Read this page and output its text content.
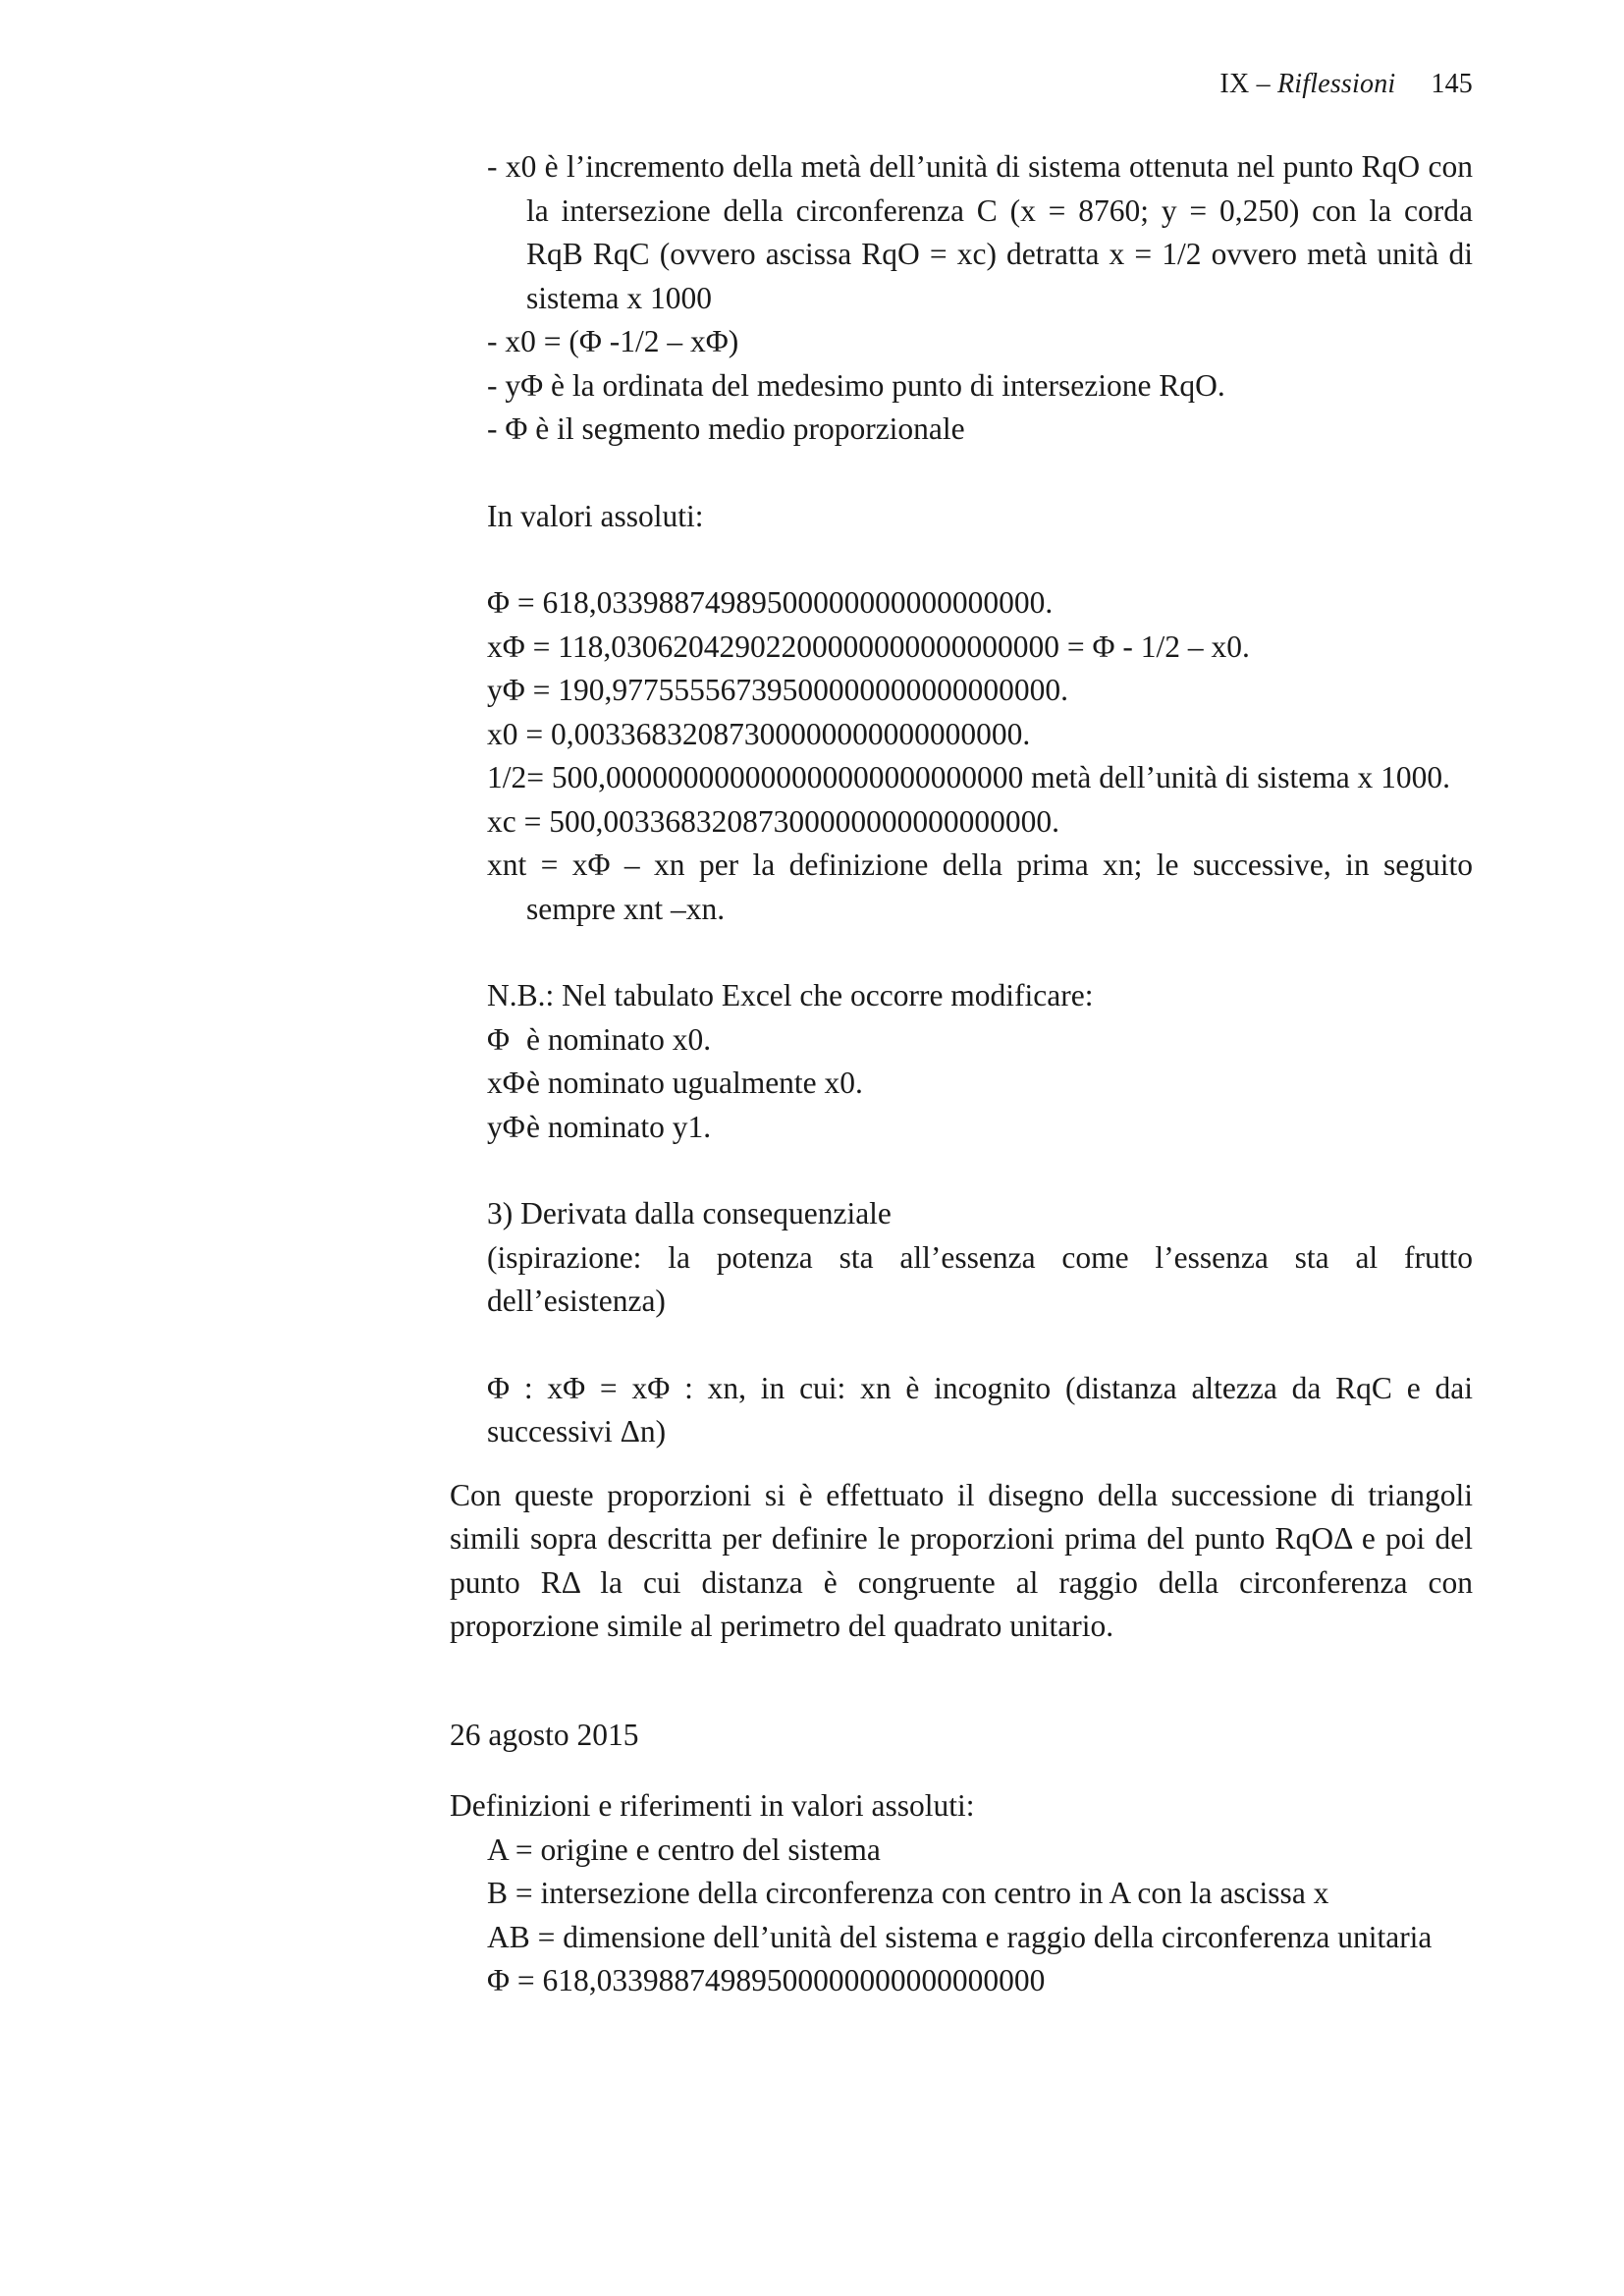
IX – Riflessioni 145

- x0 è l’incremento della metà dell’unità di sistema ottenuta nel punto RqO con la intersezione della circonferenza C (x = 8760; y = 0,250) con la corda RqB RqC (ovvero ascissa RqO = xc) detratta x = 1/2 ovvero metà unità di sistema x 1000

- x0 = (Φ -1/2 – xΦ)

- yΦ è la ordinata del medesimo punto di intersezione RqO.

- Φ è il segmento medio proporzionale

In valori assoluti:

Φ = 618,03398874989500000000000000000.

xΦ = 118,03062042902200000000000000000 = Φ - 1/2 – x0.

yΦ = 190,97755556739500000000000000000.

x0 = 0,00336832087300000000000000000.

1/2= 500,000000000000000000000000000 metà dell’unità di sistema x 1000.

xc = 500,00336832087300000000000000000.

xnt = xΦ – xn per la definizione della prima xn; le successive, in seguito sempre xnt –xn.

N.B.: Nel tabulato Excel che occorre modificare:

Φ è nominato x0.
xΦ è nominato ugualmente x0.
yΦ è nominato y1.

3) Derivata dalla consequenziale

(ispirazione: la potenza sta all’essenza come l’essenza sta al frutto dell’esistenza)

Φ : xΦ = xΦ : xn, in cui: xn è incognito (distanza altezza da RqC e dai successivi Δn)

Con queste proporzioni si è effettuato il disegno della successione di triangoli simili sopra descritta per definire le proporzioni prima del punto RqOΔ e poi del punto RΔ la cui distanza è congruente al raggio della circonferenza con proporzione simile al perimetro del quadrato unitario.

26 agosto 2015

Definizioni e riferimenti in valori assoluti:

A = origine e centro del sistema

B = intersezione della circonferenza con centro in A con la ascissa x

AB = dimensione dell’unità del sistema e raggio della circonferenza unitaria

Φ = 618,03398874989500000000000000000
